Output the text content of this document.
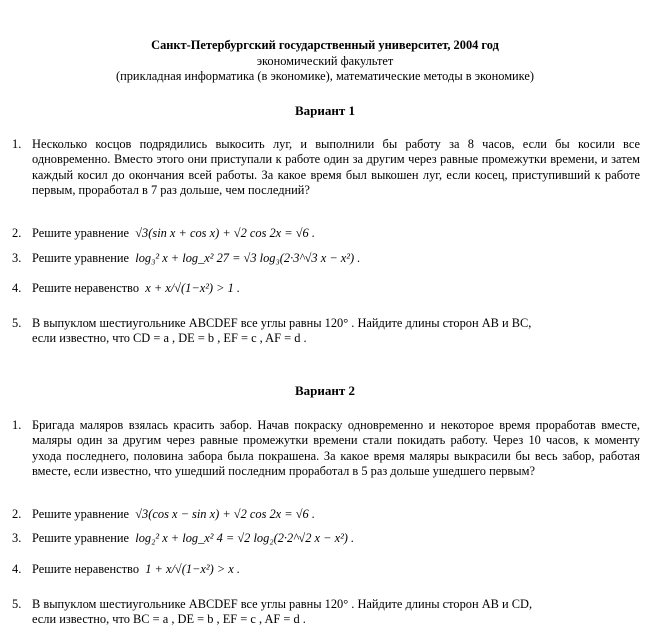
Санкт-Петербургский государственный университет, 2004 год
экономический факультет
(прикладная информатика (в экономике), математические методы в экономике)
Вариант 1
1. Несколько косцов подрядились выкосить луг, и выполнили бы работу за 8 часов, если бы косили все одновременно. Вместо этого они приступали к работе один за другим через равные промежутки времени, и затем каждый косил до окончания всей работы. За какое время был выкошен луг, если косец, приступивший к работе первым, проработал в 7 раз дольше, чем последний?
2. Решите уравнение √3(sin x + cos x) + √2 cos 2x = √6 .
3. Решите уравнение log₃² x + log_x² 27 = √3 log₃(2·3^√3 x − x²) .
4. Решите неравенство x + x/√(1−x²) > 1 .
5. В выпуклом шестиугольнике ABCDEF все углы равны 120° . Найдите длины сторон AB и BC,
если известно, что CD = a , DE = b , EF = c , AF = d .
Вариант 2
1. Бригада маляров взялась красить забор. Начав покраску одновременно и некоторое время проработав вместе, маляры один за другим через равные промежутки времени стали покидать работу. Через 10 часов, к моменту ухода последнего, половина забора была покрашена. За какое время маляры выкрасили бы весь забор, работая вместе, если известно, что ушедший последним проработал в 5 раз дольше ушедшего первым?
2. Решите уравнение √3(cos x − sin x) + √2 cos 2x = √6 .
3. Решите уравнение log₂² x + log_x² 4 = √2 log₂(2·2^√2 x − x²) .
4. Решите неравенство 1 + x/√(1−x²) > x .
5. В выпуклом шестиугольнике ABCDEF все углы равны 120° . Найдите длины сторон AB и CD,
если известно, что BC = a , DE = b , EF = c , AF = d .
